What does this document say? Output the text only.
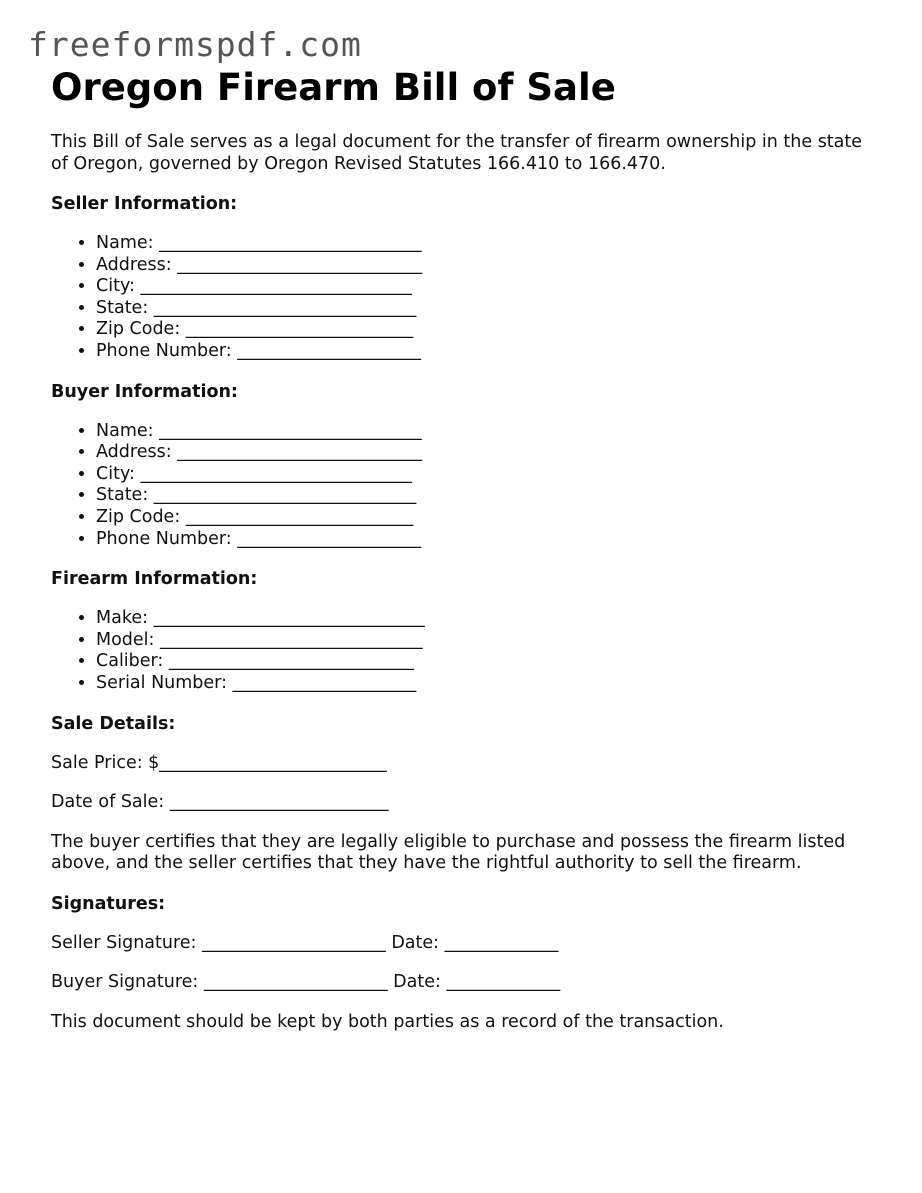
freeformspdf.com
Oregon Firearm Bill of Sale

This Bill of Sale serves as a legal document for the transfer of firearm ownership in the state of Oregon, governed by Oregon Revised Statutes 166.410 to 166.470.

Seller Information:
• Name: ______________________________
• Address: ____________________________
• City: _______________________________
• State: ______________________________
• Zip Code: __________________________
• Phone Number: _____________________
Buyer Information:
• Name: ______________________________
• Address: ____________________________
• City: _______________________________
• State: ______________________________
• Zip Code: __________________________
• Phone Number: _____________________
Firearm Information:
• Make: _______________________________
• Model: ______________________________
• Caliber: ____________________________
• Serial Number: _____________________
Sale Details:

Sale Price: $__________________________

Date of Sale: _________________________

The buyer certifies that they are legally eligible to purchase and possess the firearm listed above, and the seller certifies that they have the rightful authority to sell the firearm.

Signatures:

Seller Signature: _____________________ Date: _____________

Buyer Signature: _____________________ Date: _____________

This document should be kept by both parties as a record of the transaction.
